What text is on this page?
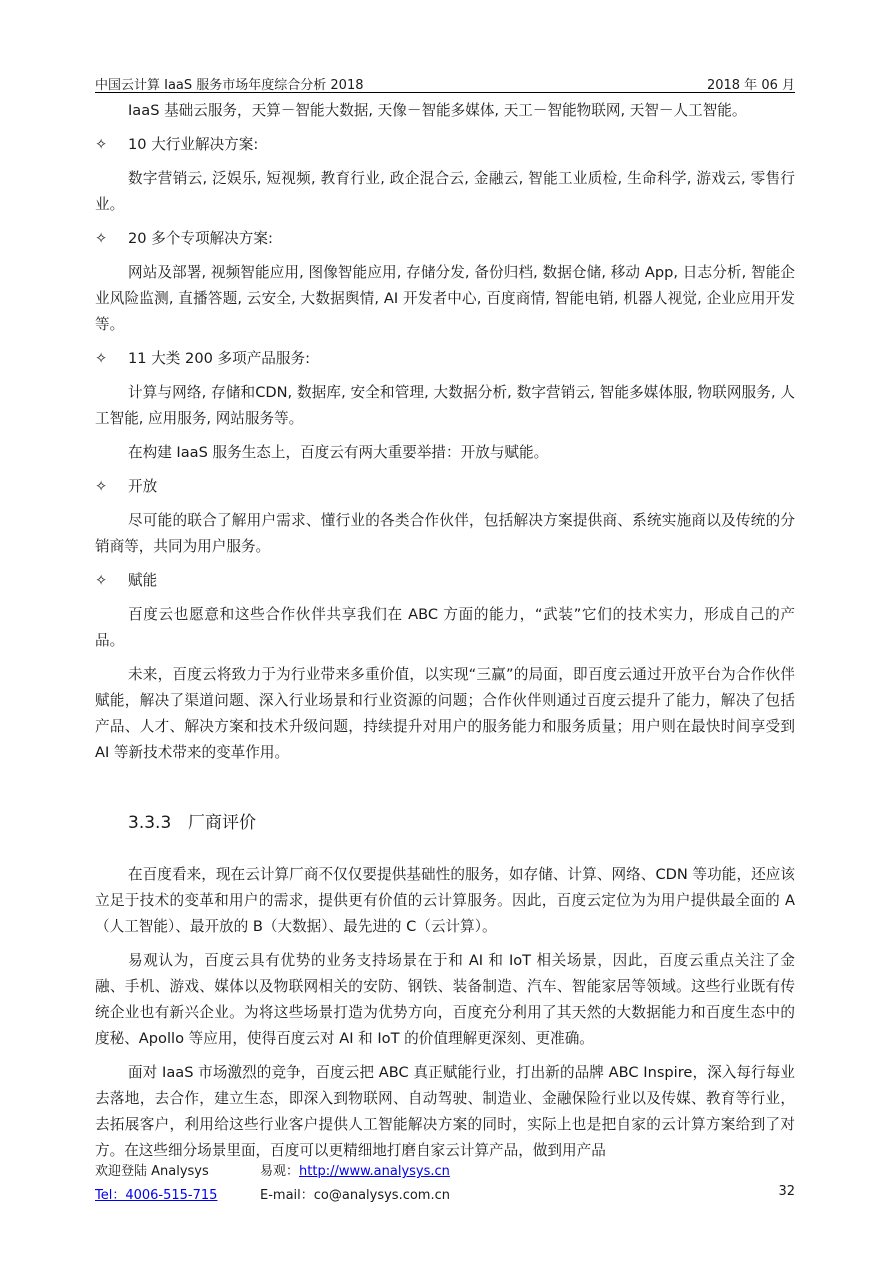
中国云计算 IaaS 服务市场年度综合分析 2018	2018 年 06 月

IaaS 基础云服务，天算－智能大数据, 天像－智能多媒体, 天工－智能物联网, 天智－人工智能。

✧ 10 大行业解决方案:

数字营销云, 泛娱乐, 短视频, 教育行业, 政企混合云, 金融云, 智能工业质检, 生命科学, 游戏云, 零售行业。

✧ 20 多个专项解决方案:

网站及部署, 视频智能应用, 图像智能应用, 存储分发, 备份归档, 数据仓储, 移动 App, 日志分析, 智能企业风险监测, 直播答题, 云安全, 大数据舆情, AI 开发者中心, 百度商情, 智能电销, 机器人视觉, 企业应用开发等。

✧ 11 大类 200 多项产品服务:

计算与网络, 存储和CDN, 数据库, 安全和管理, 大数据分析, 数字营销云, 智能多媒体服, 物联网服务, 人工智能, 应用服务, 网站服务等。

在构建 IaaS 服务生态上，百度云有两大重要举措：开放与赋能。

✧ 开放

尽可能的联合了解用户需求、懂行业的各类合作伙伴，包括解决方案提供商、系统实施商以及传统的分销商等，共同为用户服务。

✧ 赋能

百度云也愿意和这些合作伙伴共享我们在 ABC 方面的能力，“武装”它们的技术实力，形成自己的产品。

未来，百度云将致力于为行业带来多重价值，以实现“三赢”的局面，即百度云通过开放平台为合作伙伴赋能，解决了渠道问题、深入行业场景和行业资源的问题；合作伙伴则通过百度云提升了能力，解决了包括产品、人才、解决方案和技术升级问题，持续提升对用户的服务能力和服务质量；用户则在最快时间享受到 AI 等新技术带来的变革作用。

3.3.3 厂商评价

在百度看来，现在云计算厂商不仅仅要提供基础性的服务，如存储、计算、网络、CDN 等功能，还应该立足于技术的变革和用户的需求，提供更有价值的云计算服务。因此，百度云定位为为用户提供最全面的 A（人工智能）、最开放的 B（大数据）、最先进的 C（云计算）。

易观认为，百度云具有优势的业务支持场景在于和 AI 和 IoT 相关场景，因此，百度云重点关注了金融、手机、游戏、媒体以及物联网相关的安防、钢铁、装备制造、汽车、智能家居等领域。这些行业既有传统企业也有新兴企业。为将这些场景打造为优势方向，百度充分利用了其天然的大数据能力和百度生态中的度秘、Apollo 等应用，使得百度云对 AI 和 IoT 的价值理解更深刻、更准确。

面对 IaaS 市场激烈的竞争，百度云把 ABC 真正赋能行业，打出新的品牌 ABC Inspire，深入每行每业去落地，去合作，建立生态，即深入到物联网、自动驾驶、制造业、金融保险行业以及传媒、教育等行业，去拓展客户，利用给这些行业客户提供人工智能解决方案的同时，实际上也是把自家的云计算方案给到了对方。在这些细分场景里面，百度可以更精细地打磨自家云计算产品，做到用产品

欢迎登陆 Analysys	易观：http://www.analysys.cn
Tel：4006-515-715	E-mail：co@analysys.com.cn	32
